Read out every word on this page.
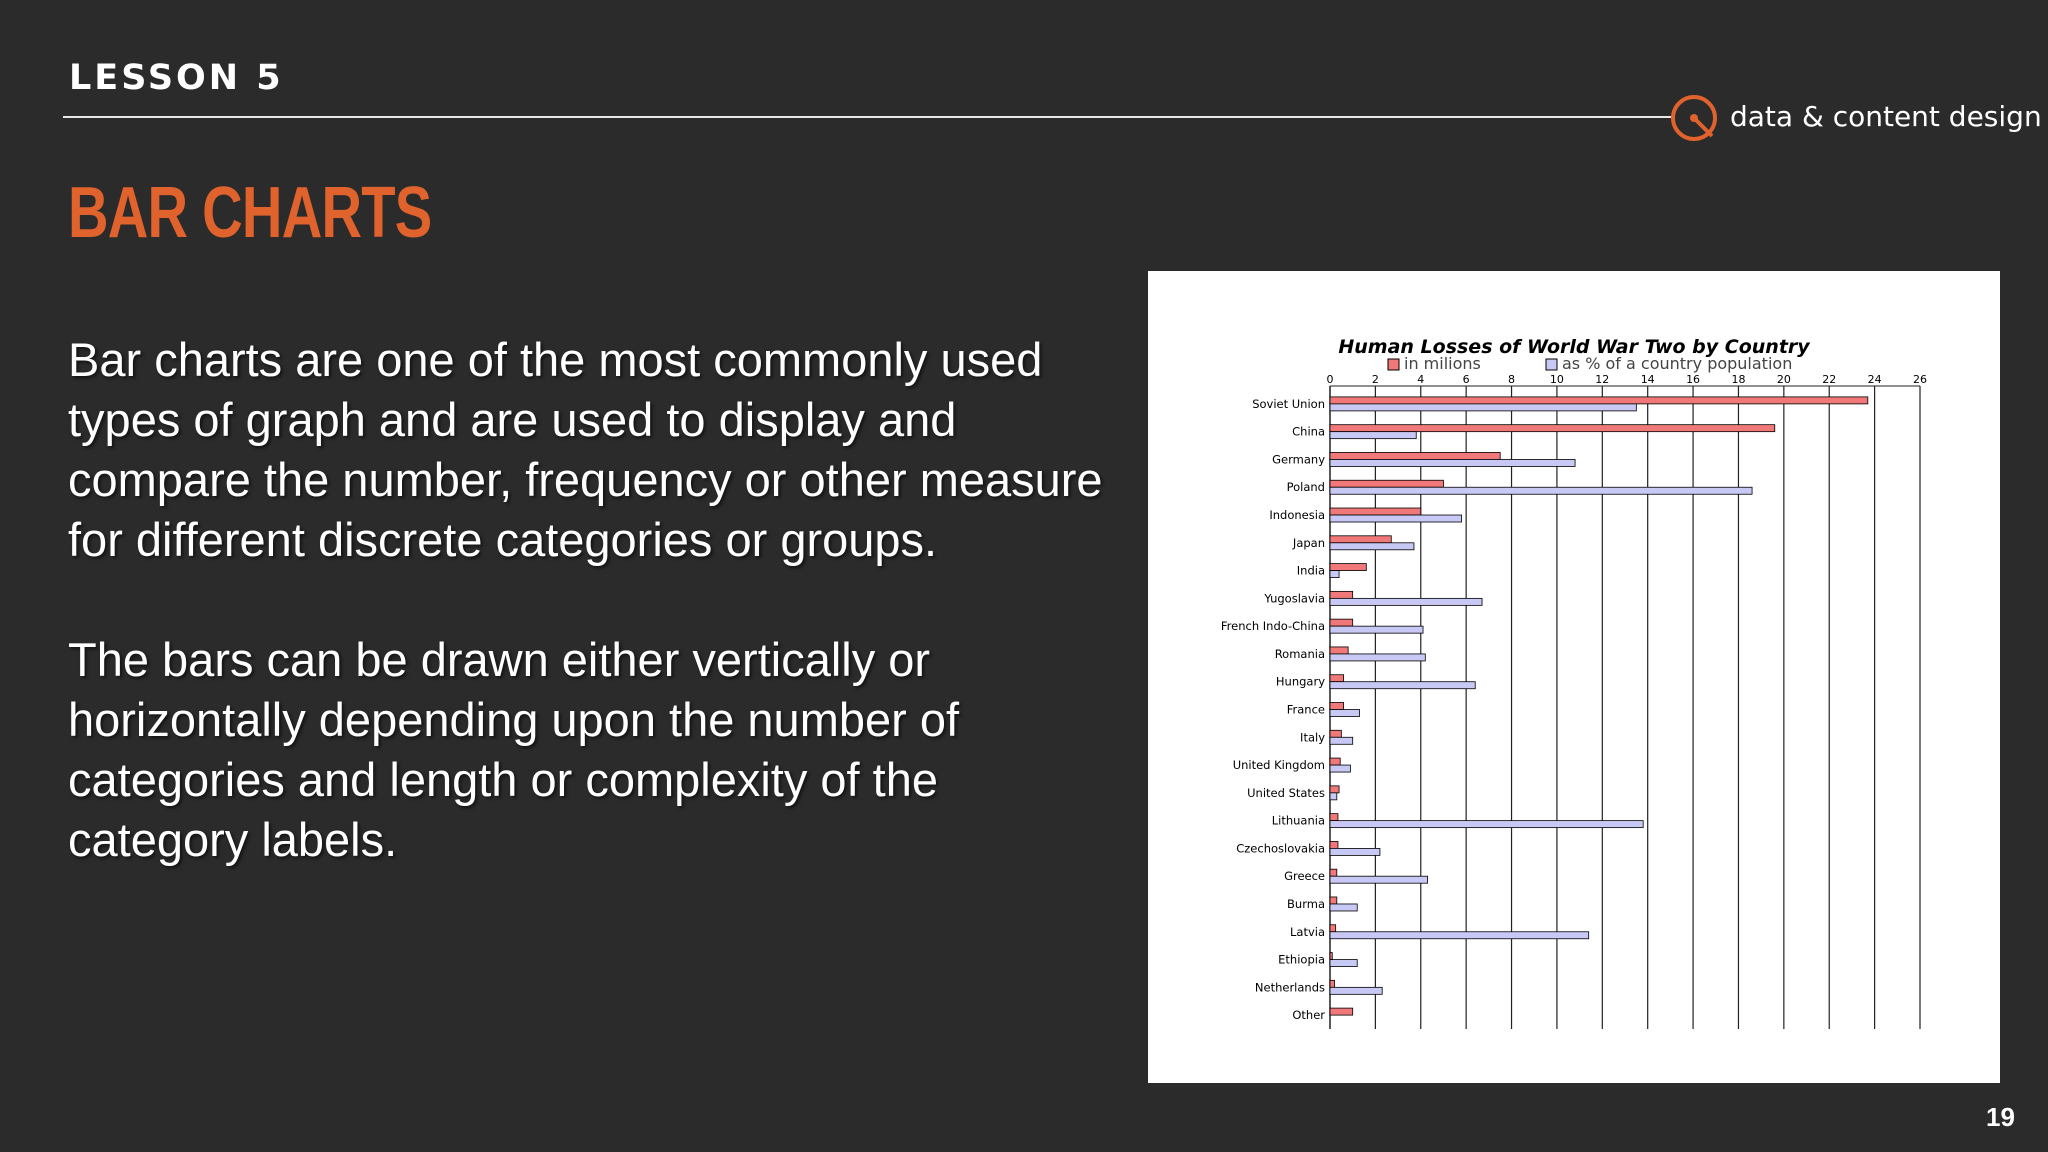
LESSON 5
data & content design
BAR CHARTS

Bar charts are one of the most commonly used types of graph and are used to display and compare the number, frequency or other measure for different discrete categories or groups.

The bars can be drawn either vertically or horizontally depending upon the number of categories and length or complexity of the category labels.

Human Losses of World War Two by Country
in milions	as % of a country population
0	2	4	6	8	10	12	14	16	18	20	22	24	26
Soviet Union
China
Germany
Poland
Indonesia
Japan
India
Yugoslavia
French Indo-China
Romania
Hungary
France
Italy
United Kingdom
United States
Lithuania
Czechoslovakia
Greece
Burma
Latvia
Ethiopia
Netherlands
Other
19
